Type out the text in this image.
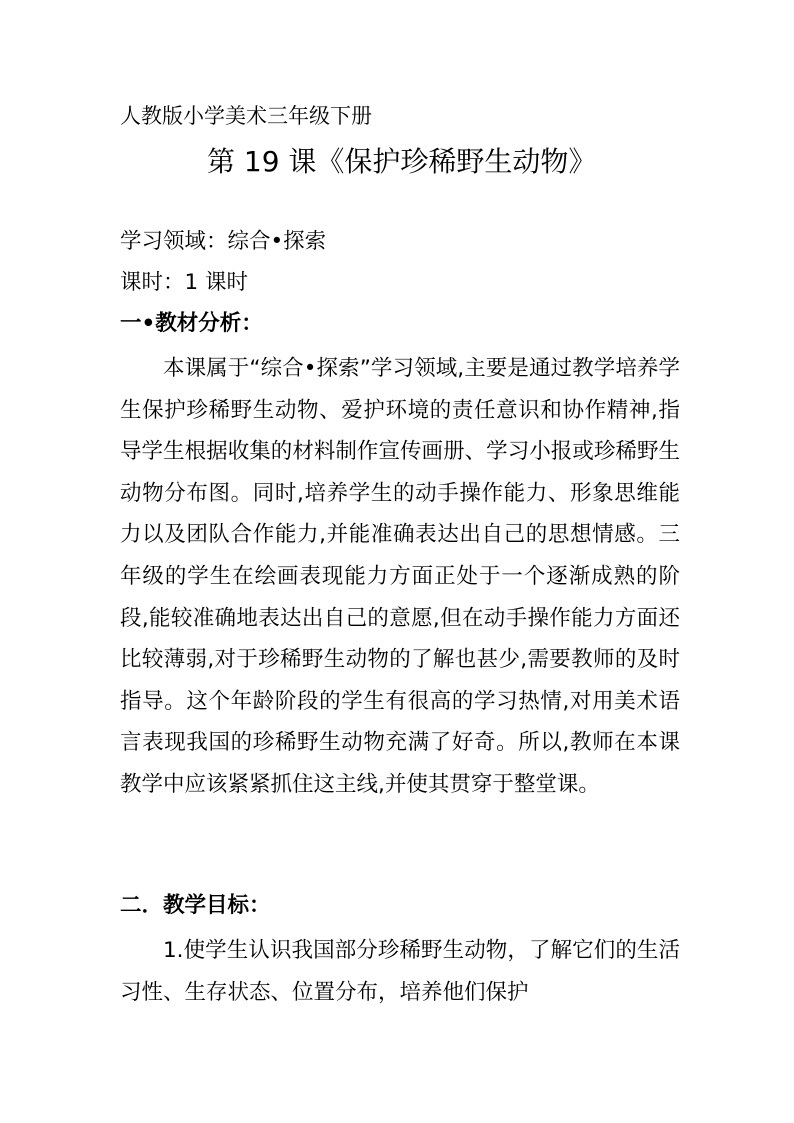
人教版小学美术三年级下册
第 19 课《保护珍稀野生动物》
学习领域：综合•探索
课时：1 课时
一•教材分析：

本课属于“综合•探索”学习领域,主要是通过教学培养学生保护珍稀野生动物、爱护环境的责任意识和协作精神,指导学生根据收集的材料制作宣传画册、学习小报或珍稀野生动物分布图。同时,培养学生的动手操作能力、形象思维能力以及团队合作能力,并能准确表达出自己的思想情感。三年级的学生在绘画表现能力方面正处于一个逐渐成熟的阶段,能较准确地表达出自己的意愿,但在动手操作能力方面还比较薄弱,对于珍稀野生动物的了解也甚少,需要教师的及时指导。这个年龄阶段的学生有很高的学习热情,对用美术语言表现我国的珍稀野生动物充满了好奇。所以,教师在本课教学中应该紧紧抓住这主线,并使其贯穿于整堂课。

二．教学目标：

1.使学生认识我国部分珍稀野生动物，了解它们的生活习性、生存状态、位置分布，培养他们保护
